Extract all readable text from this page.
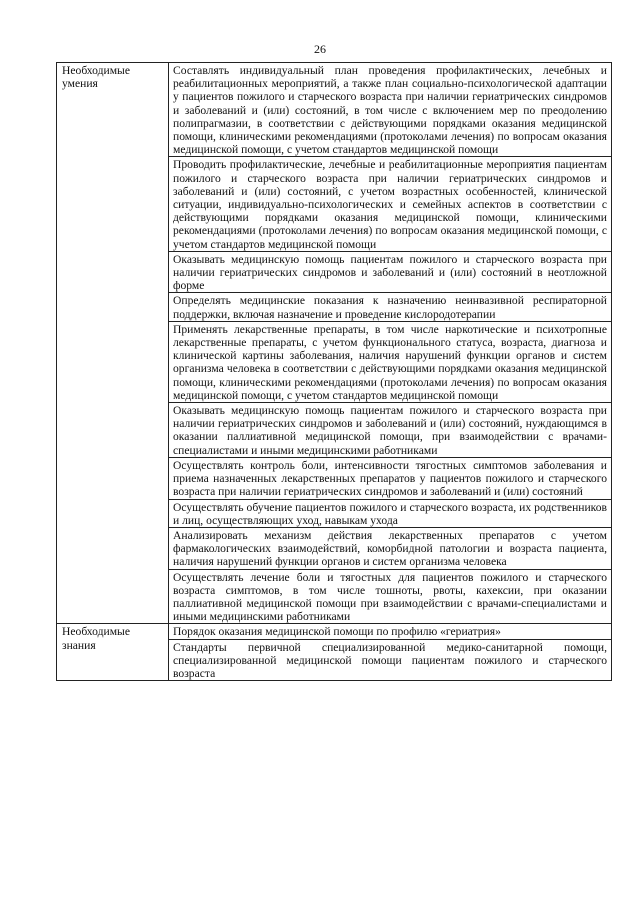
26
Необходимые умения	Составлять индивидуальный план проведения профилактических, лечебных и реабилитационных мероприятий, а также план социально-психологической адаптации у пациентов пожилого и старческого возраста при наличии гериатрических синдромов и заболеваний и (или) состояний, в том числе с включением мер по преодолению полипрагмазии, в соответствии с действующими порядками оказания медицинской помощи, клиническими рекомендациями (протоколами лечения) по вопросам оказания медицинской помощи, с учетом стандартов медицинской помощи

	Проводить профилактические, лечебные и реабилитационные мероприятия пациентам пожилого и старческого возраста при наличии гериатрических синдромов и заболеваний и (или) состояний, с учетом возрастных особенностей, клинической ситуации, индивидуально-психологических и семейных аспектов в соответствии с действующими порядками оказания медицинской помощи, клиническими рекомендациями (протоколами лечения) по вопросам оказания медицинской помощи, с учетом стандартов медицинской помощи

	Оказывать медицинскую помощь пациентам пожилого и старческого возраста при наличии гериатрических синдромов и заболеваний и (или) состояний в неотложной форме

	Определять медицинские показания к назначению неинвазивной респираторной поддержки, включая назначение и проведение кислородотерапии

	Применять лекарственные препараты, в том числе наркотические и психотропные лекарственные препараты, с учетом функционального статуса, возраста, диагноза и клинической картины заболевания, наличия нарушений функции органов и систем организма человека в соответствии с действующими порядками оказания медицинской помощи, клиническими рекомендациями (протоколами лечения) по вопросам оказания медицинской помощи, с учетом стандартов медицинской помощи

	Оказывать медицинскую помощь пациентам пожилого и старческого возраста при наличии гериатрических синдромов и заболеваний и (или) состояний, нуждающимся в оказании паллиативной медицинской помощи, при взаимодействии с врачами-специалистами и иными медицинскими работниками

	Осуществлять контроль боли, интенсивности тягостных симптомов заболевания и приема назначенных лекарственных препаратов у пациентов пожилого и старческого возраста при наличии гериатрических синдромов и заболеваний и (или) состояний

	Осуществлять обучение пациентов пожилого и старческого возраста, их родственников и лиц, осуществляющих уход, навыкам ухода

	Анализировать механизм действия лекарственных препаратов с учетом фармакологических взаимодействий, коморбидной патологии и возраста пациента, наличия нарушений функции органов и систем организма человека

	Осуществлять лечение боли и тягостных для пациентов пожилого и старческого возраста симптомов, в том числе тошноты, рвоты, кахексии, при оказании паллиативной медицинской помощи при взаимодействии с врачами-специалистами и иными медицинскими работниками

Необходимые знания	Порядок оказания медицинской помощи по профилю «гериатрия»

	Стандарты первичной специализированной медико-санитарной помощи, специализированной медицинской помощи пациентам пожилого и старческого возраста
